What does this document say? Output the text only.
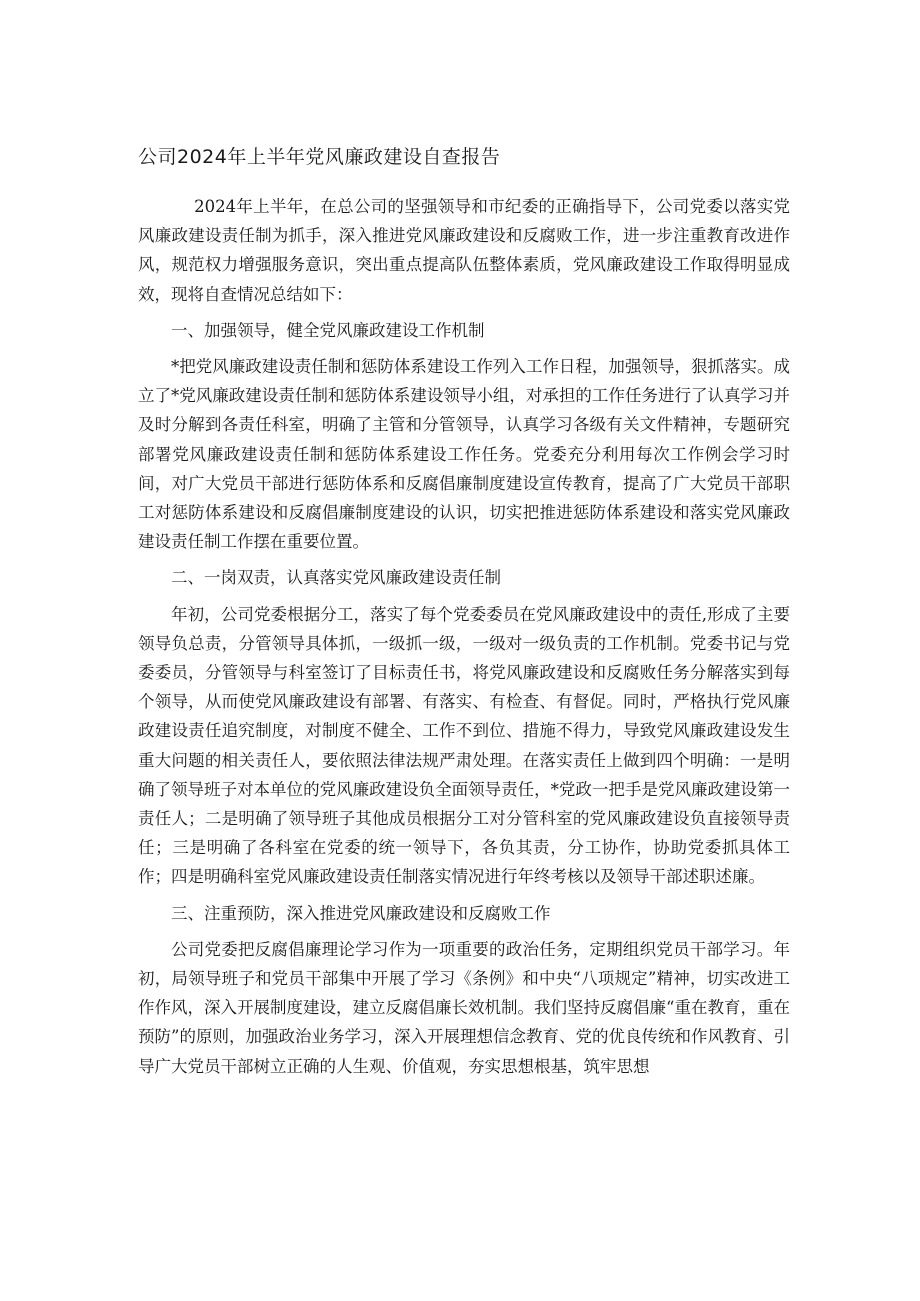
公司2024年上半年党风廉政建设自查报告

2024年上半年，在总公司的坚强领导和市纪委的正确指导下，公司党委以落实党风廉政建设责任制为抓手，深入推进党风廉政建设和反腐败工作，进一步注重教育改进作风，规范权力增强服务意识，突出重点提高队伍整体素质，党风廉政建设工作取得明显成效，现将自查情况总结如下：

一、加强领导，健全党风廉政建设工作机制

*把党风廉政建设责任制和惩防体系建设工作列入工作日程，加强领导，狠抓落实。成立了*党风廉政建设责任制和惩防体系建设领导小组，对承担的工作任务进行了认真学习并及时分解到各责任科室，明确了主管和分管领导，认真学习各级有关文件精神，专题研究部署党风廉政建设责任制和惩防体系建设工作任务。党委充分利用每次工作例会学习时间，对广大党员干部进行惩防体系和反腐倡廉制度建设宣传教育，提高了广大党员干部职工对惩防体系建设和反腐倡廉制度建设的认识，切实把推进惩防体系建设和落实党风廉政建设责任制工作摆在重要位置。

二、一岗双责，认真落实党风廉政建设责任制

年初，公司党委根据分工，落实了每个党委委员在党风廉政建设中的责任,形成了主要领导负总责，分管领导具体抓，一级抓一级，一级对一级负责的工作机制。党委书记与党委委员，分管领导与科室签订了目标责任书，将党风廉政建设和反腐败任务分解落实到每个领导，从而使党风廉政建设有部署、有落实、有检查、有督促。同时，严格执行党风廉政建设责任追究制度，对制度不健全、工作不到位、措施不得力，导致党风廉政建设发生重大问题的相关责任人，要依照法律法规严肃处理。在落实责任上做到四个明确：一是明确了领导班子对本单位的党风廉政建设负全面领导责任，*党政一把手是党风廉政建设第一责任人；二是明确了领导班子其他成员根据分工对分管科室的党风廉政建设负直接领导责任；三是明确了各科室在党委的统一领导下，各负其责，分工协作，协助党委抓具体工作；四是明确科室党风廉政建设责任制落实情况进行年终考核以及领导干部述职述廉。

三、注重预防，深入推进党风廉政建设和反腐败工作

公司党委把反腐倡廉理论学习作为一项重要的政治任务，定期组织党员干部学习。年初，局领导班子和党员干部集中开展了学习《条例》和中央“八项规定”精神，切实改进工作作风，深入开展制度建设，建立反腐倡廉长效机制。我们坚持反腐倡廉“重在教育，重在预防”的原则，加强政治业务学习，深入开展理想信念教育、党的优良传统和作风教育、引导广大党员干部树立正确的人生观、价值观，夯实思想根基，筑牢思想
